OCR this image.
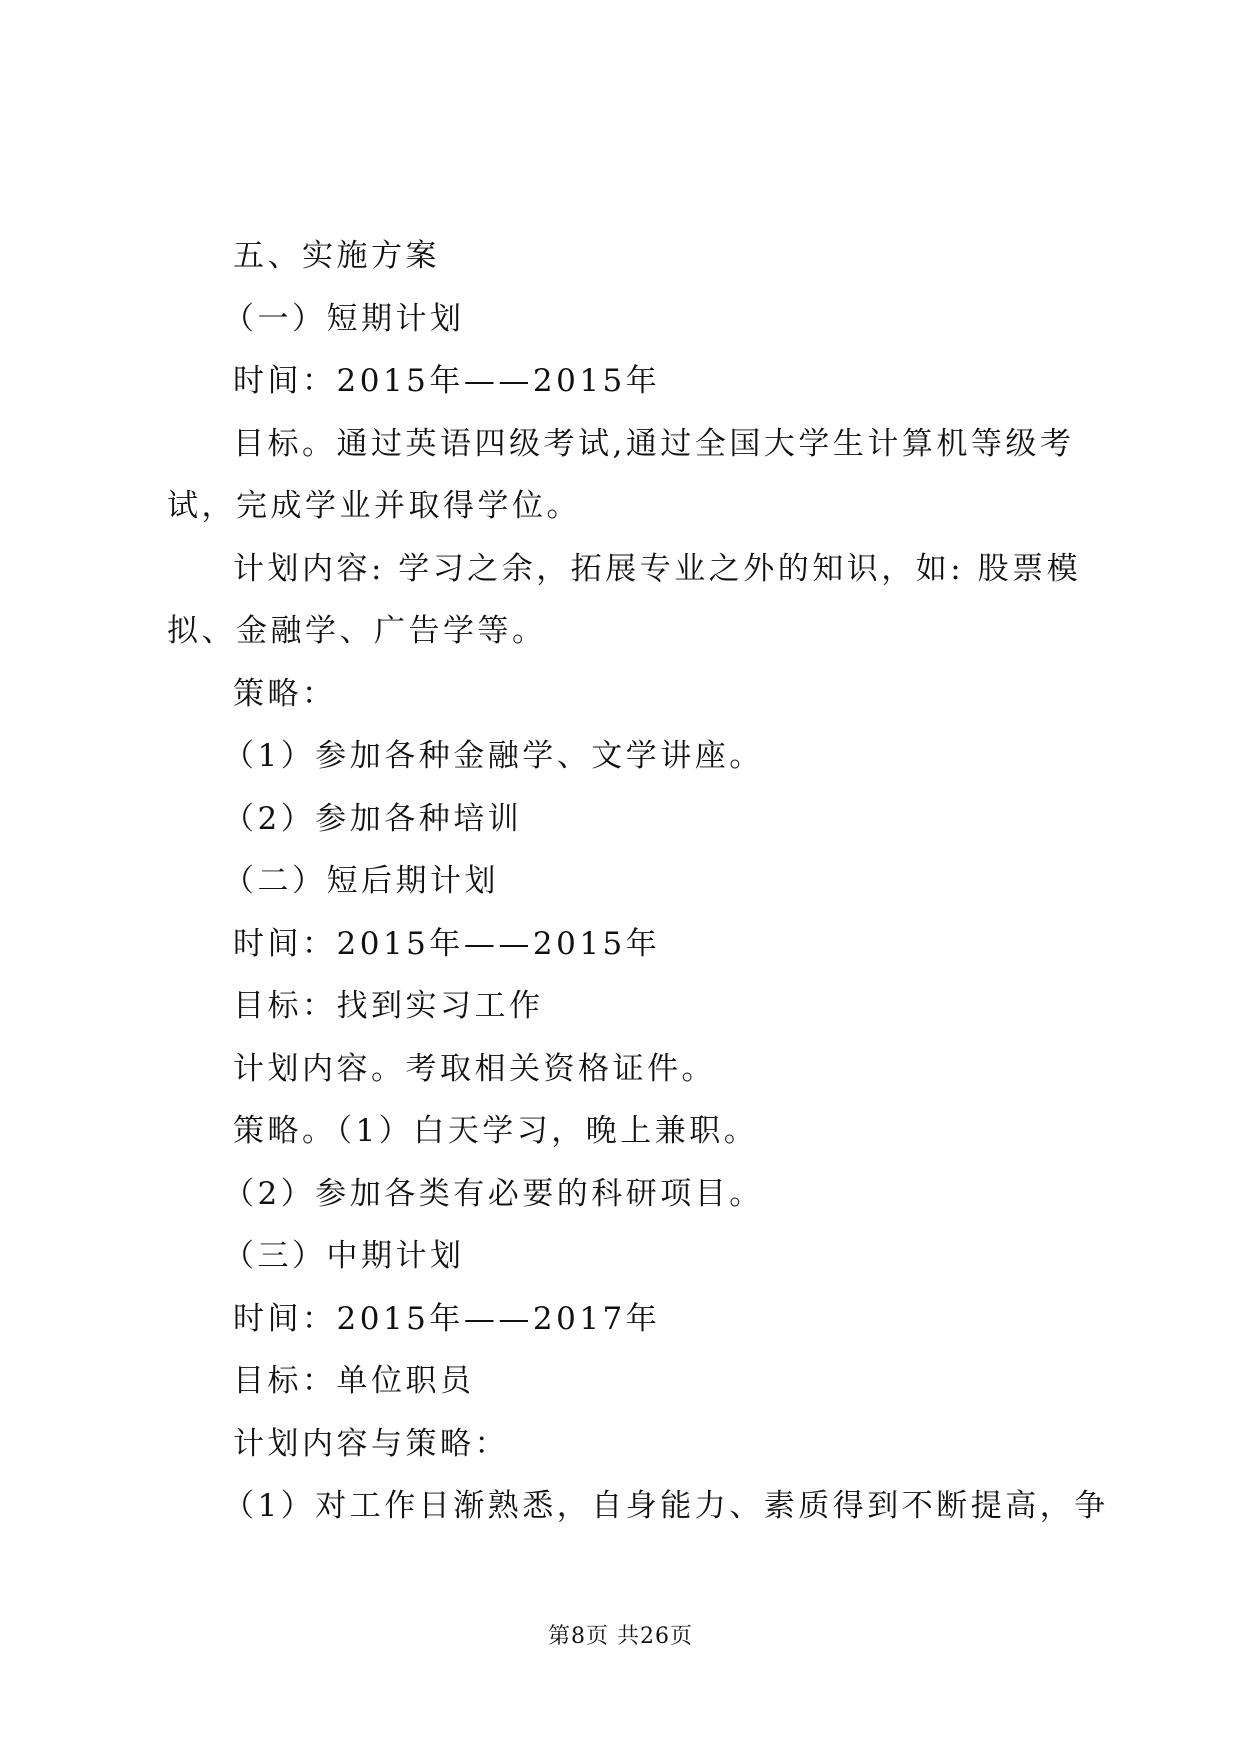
五、实施方案
（一）短期计划
时间：2015年——2015年
目标。通过英语四级考试,通过全国大学生计算机等级考试，完成学业并取得学位。
计划内容: 学习之余，拓展专业之外的知识，如: 股票模拟、金融学、广告学等。
策略：
（1）参加各种金融学、文学讲座。
（2）参加各种培训
（二）短后期计划
时间：2015年——2015年
目标：找到实习工作
计划内容。考取相关资格证件。
策略。（1）白天学习，晚上兼职。
（2）参加各类有必要的科研项目。
（三）中期计划
时间：2015年——2017年
目标：单位职员
计划内容与策略：
（1）对工作日渐熟悉，自身能力、素质得到不断提高，争
第8页 共26页
